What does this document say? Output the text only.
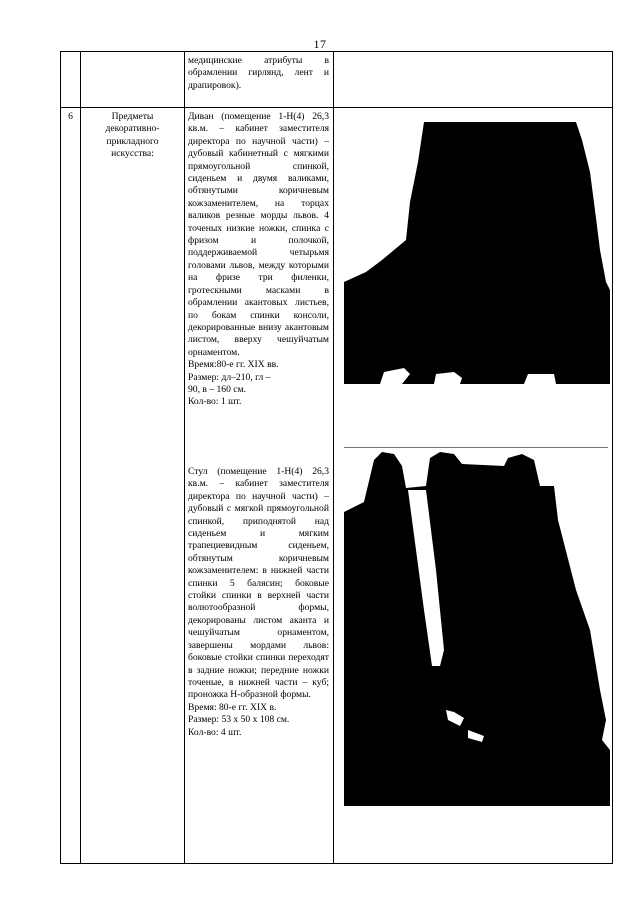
17
медицинские атрибуты в обрамлении гирлянд, лент и драпировок).
6	Предметы декоративно-прикладного искусства:
Диван (помещение 1-Н(4) 26,3 кв.м. – кабинет заместителя директора по научной части) – дубовый кабинетный с мягкими прямоугольной спинкой, сиденьем и двумя валиками, обтянутыми коричневым кожзаменителем, на торцах валиков резные морды львов. 4 точеных низкие ножки, спинка с фризом и полочкой, поддерживаемой четырьмя головами львов, между которыми на фризе три филенки, гротескными масками в обрамлении акантовых листьев, по бокам спинки консоли, декорированные внизу акантовым листом, вверху чешуйчатым орнаментом.
Время:80-е гг. XIX вв.
Размер: дл–210, гл –
90, в – 160 см.
Кол-во: 1 шт.
Стул (помещение 1-Н(4) 26,3 кв.м. – кабинет заместителя директора по научной части) – дубовый с мягкой прямоугольной спинкой, приподнятой над сиденьем и мягким трапециевидным сиденьем, обтянутым коричневым кожзаменителем: в нижней части спинки 5 балясин; боковые стойки спинки в верхней части волютообразной формы, декорированы листом аканта и чешуйчатым орнаментом, завершены мордами львов: боковые стойки спинки переходят в задние ножки; передние ножки точеные, в нижней части – куб; проножка Н-образной формы.
Время: 80-е гг. XIX в.
Размер: 53 х 50 х 108 см.
Кол-во: 4 шт.
